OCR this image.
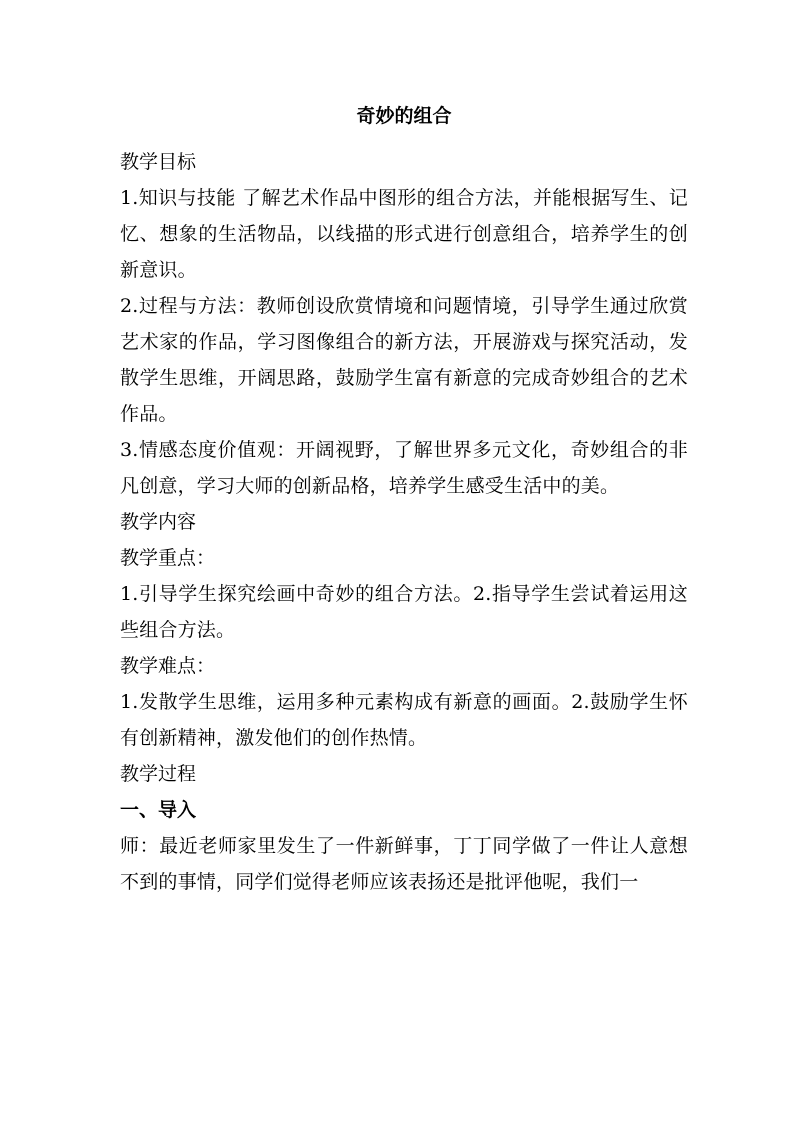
奇妙的组合

教学目标

1.知识与技能 了解艺术作品中图形的组合方法，并能根据写生、记忆、想象的生活物品，以线描的形式进行创意组合，培养学生的创新意识。

2.过程与方法：教师创设欣赏情境和问题情境，引导学生通过欣赏艺术家的作品，学习图像组合的新方法，开展游戏与探究活动，发散学生思维，开阔思路，鼓励学生富有新意的完成奇妙组合的艺术作品。

3.情感态度价值观：开阔视野，了解世界多元文化，奇妙组合的非凡创意，学习大师的创新品格，培养学生感受生活中的美。

教学内容

教学重点：

1.引导学生探究绘画中奇妙的组合方法。2.指导学生尝试着运用这些组合方法。

教学难点：

1.发散学生思维，运用多种元素构成有新意的画面。2.鼓励学生怀有创新精神，激发他们的创作热情。

教学过程

一、导入

师：最近老师家里发生了一件新鲜事，丁丁同学做了一件让人意想不到的事情，同学们觉得老师应该表扬还是批评他呢，我们一
